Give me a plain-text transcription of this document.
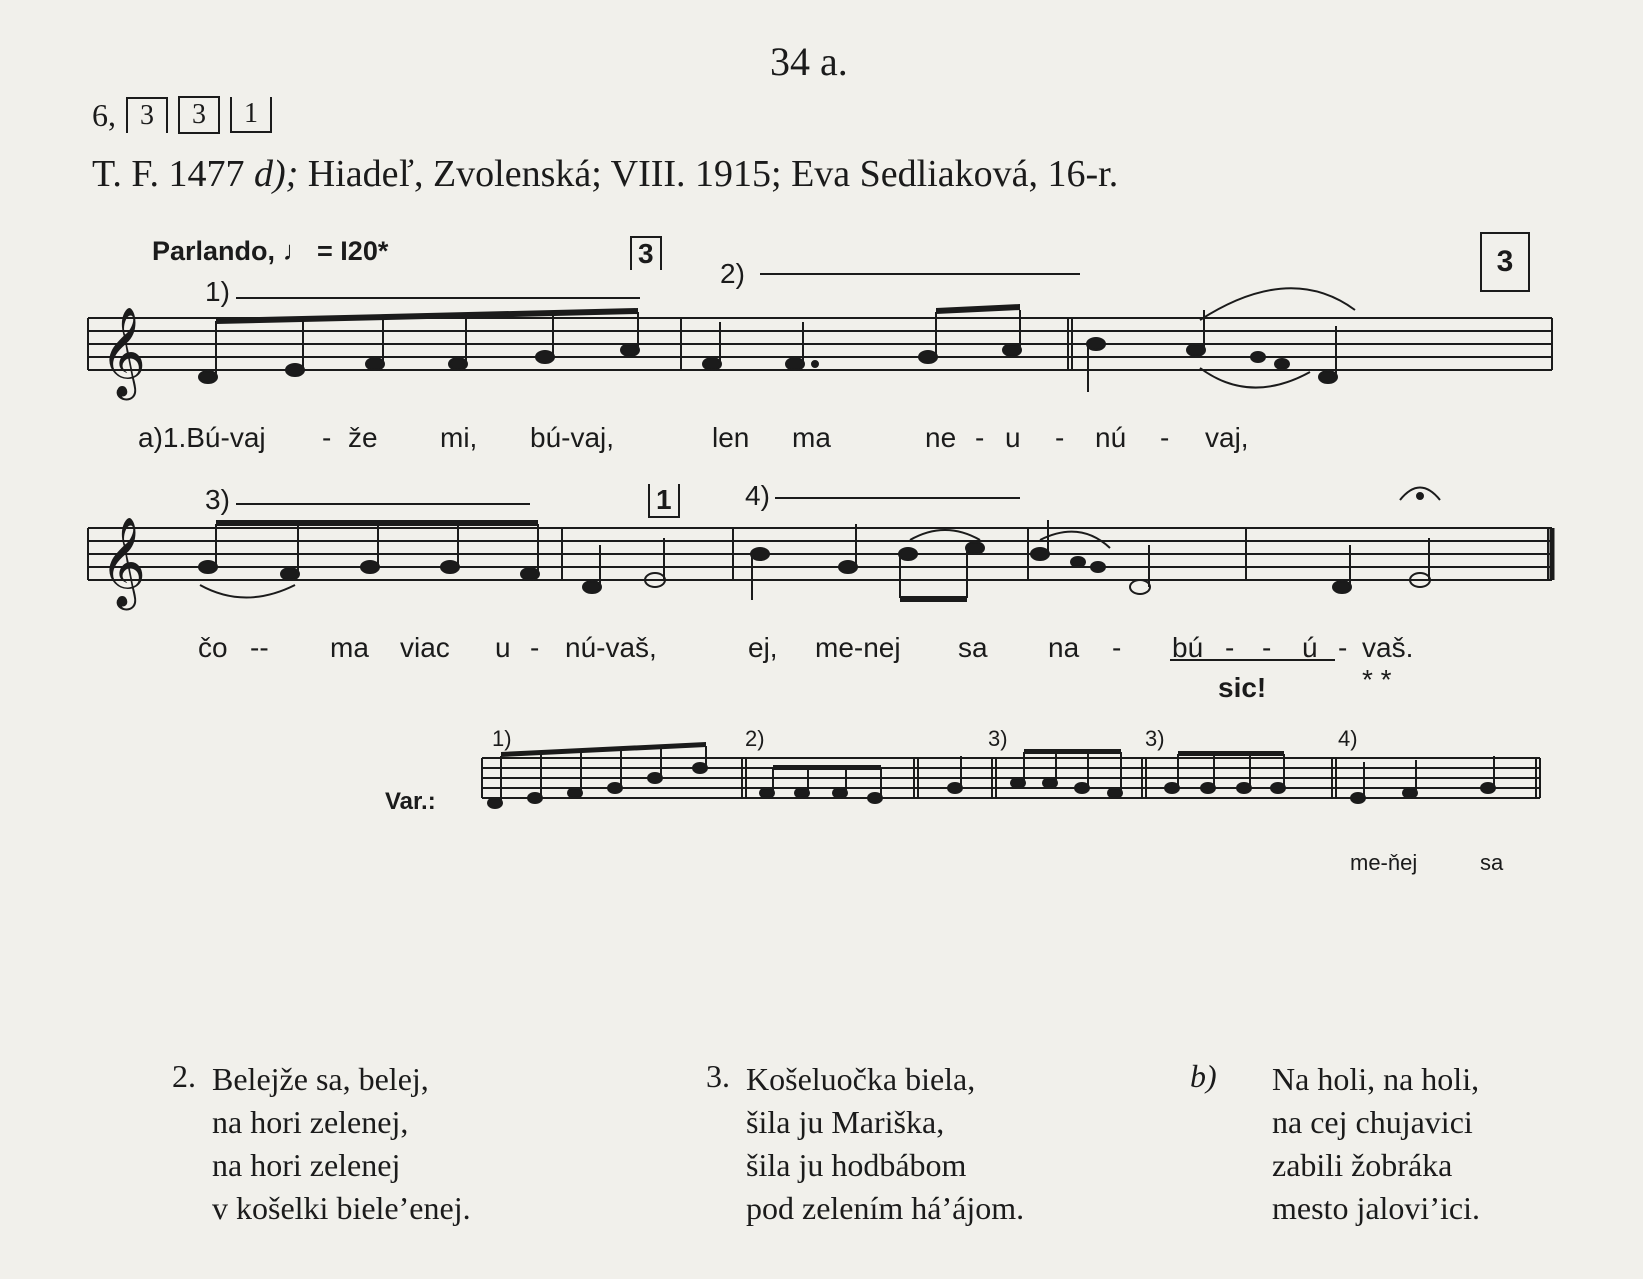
34 a.
6, 3	3	1
T. F. 1477 d); Hiadeľ, Zvolenská; VIII. 1915; Eva Sedliaková, 16-r.
Parlando, ♩ = I20*
𝄞
𝄞
3
1)
2)
3
a)1.Bú-vaj - že mi, bú-vaj,	len ma	ne - u - nú - vaj,
3)	1	4)
čo -- ma viac u - nú-vaš,	ej, me-nej sa na - bú - - ú - vaš.
* *
sic!
Var.:
1)	2)	3)	3)	4)
me-ňej	sa
2. Belejže sa, belej,
na hori zelenej,
na hori zelenej
v košelki biele’enej.
3. Košeluočka biela,
šila ju Mariška,
šila ju hodbábom
pod zelením há’ájom.
b) Na holi, na holi,
na cej chujavici
zabili žobráka
mesto jalovi’ici.
